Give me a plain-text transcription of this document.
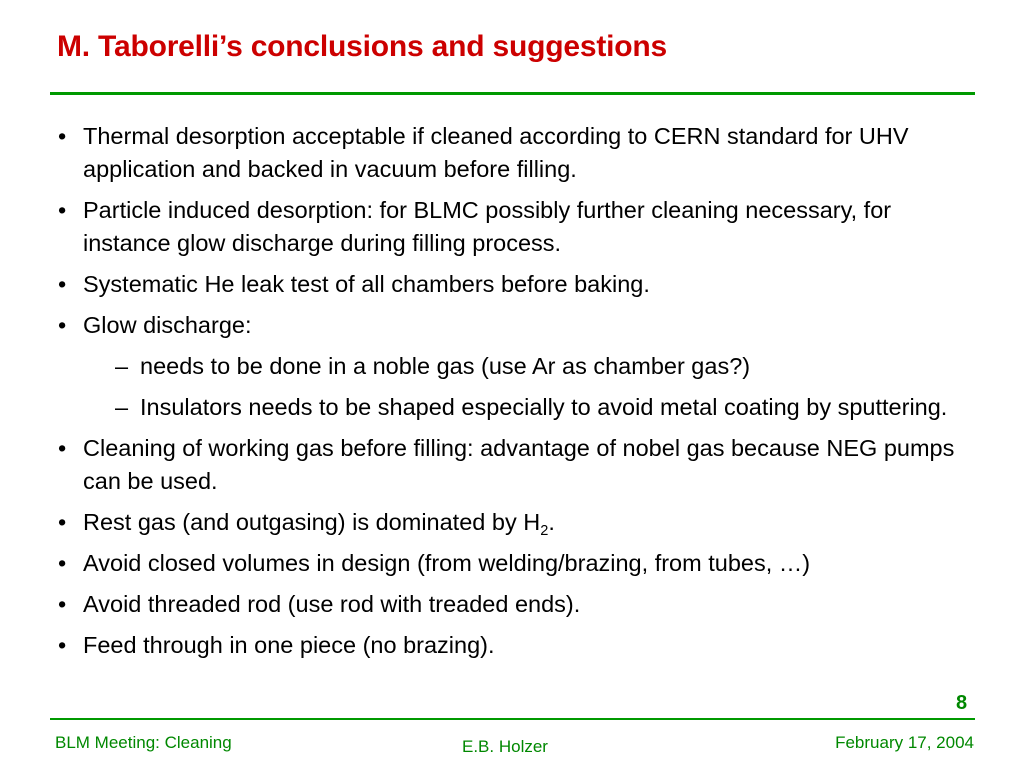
M. Taborelli’s conclusions and suggestions
• Thermal desorption acceptable if cleaned according to CERN standard for UHV application and backed in vacuum before filling.
• Particle induced desorption: for BLMC possibly further cleaning necessary, for instance glow discharge during filling process.
• Systematic He leak test of all chambers before baking.
• Glow discharge:
– needs to be done in a noble gas (use Ar as chamber gas?)
– Insulators needs to be shaped especially to avoid metal coating by sputtering.
• Cleaning of working gas before filling: advantage of nobel gas because NEG pumps can be used.
• Rest gas (and outgasing) is dominated by $H_2$.
• Avoid closed volumes in design (from welding/brazing, from tubes, …)
• Avoid threaded rod (use rod with treaded ends).
• Feed through in one piece (no brazing).
8
BLM Meeting: Cleaning	E.B. Holzer	February 17, 2004
